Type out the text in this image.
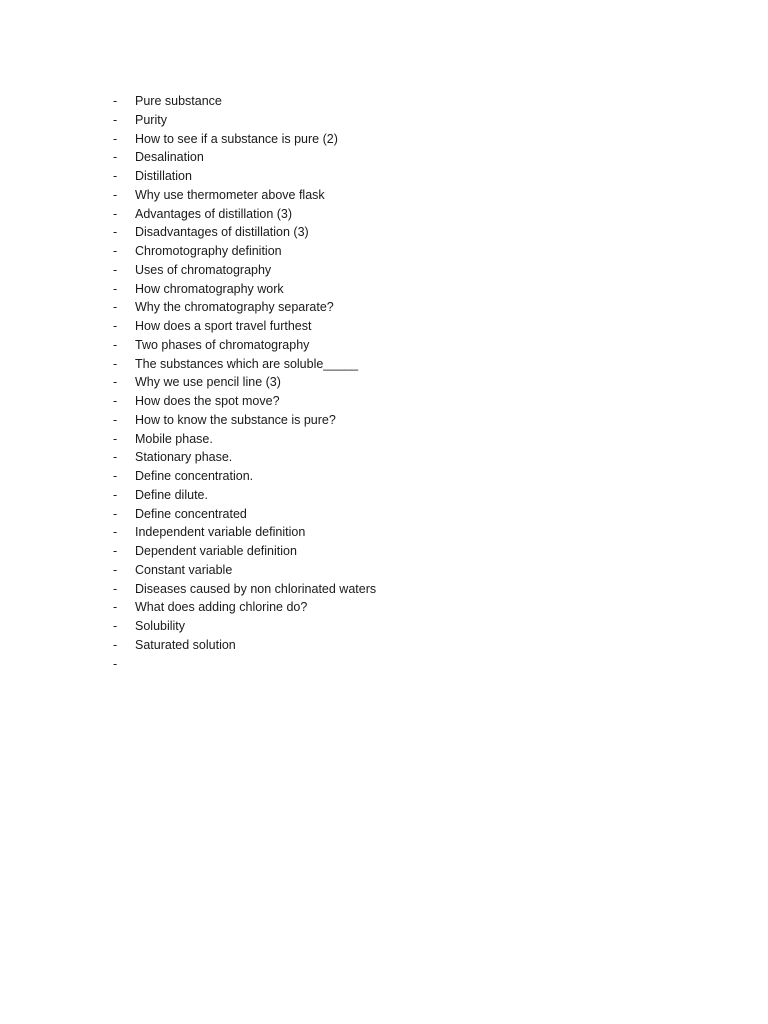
-	Pure substance
-	Purity
-	How to see if a substance is pure (2)
-	Desalination
-	Distillation
-	Why use thermometer above flask
-	Advantages of distillation (3)
-	Disadvantages of distillation (3)
-	Chromotography definition
-	Uses of chromatography
-	How chromatography work
-	Why the chromatography separate?
-	How does a sport travel furthest
-	Two phases of chromatography
-	The substances which are soluble_____
-	Why we use pencil line (3)
-	How does the spot move?
-	How to know the substance is pure?
-	Mobile phase.
-	Stationary phase.
-	Define concentration.
-	Define dilute.
-	Define concentrated
-	Independent variable definition
-	Dependent variable definition
-	Constant variable
-	Diseases caused by non chlorinated waters
-	What does adding chlorine do?
-	Solubility
-	Saturated solution
-
